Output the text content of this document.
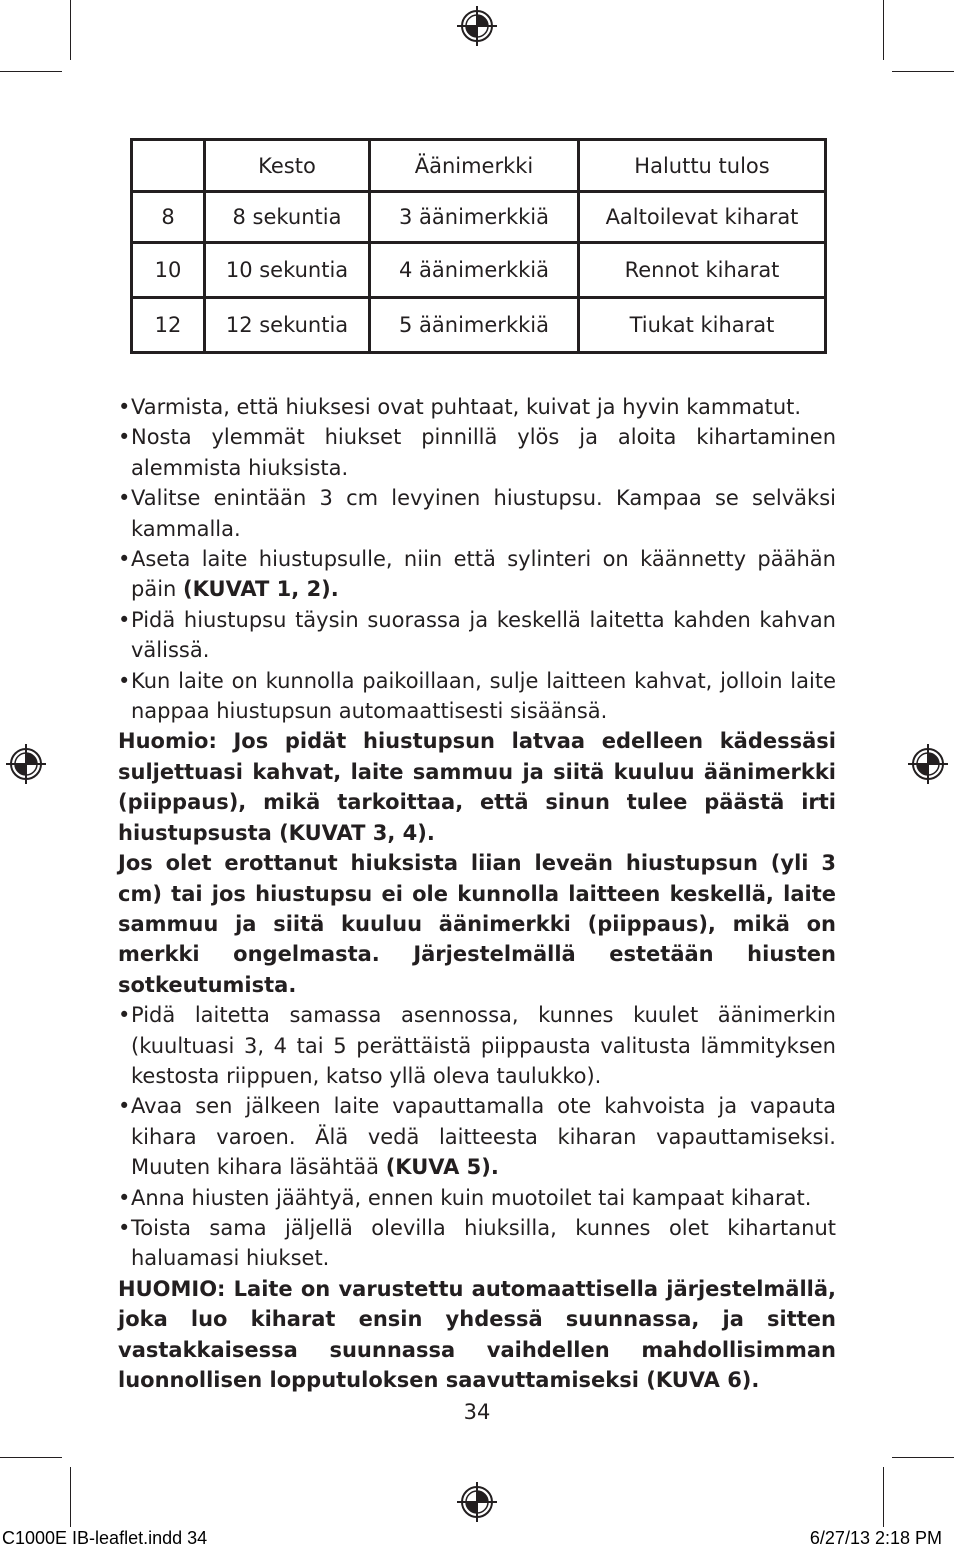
	Kesto	Äänimerkki	Haluttu tulos
8	8 sekuntia	3 äänimerkkiä	Aaltoilevat kiharat
10	10 sekuntia	4 äänimerkkiä	Rennot kiharat
12	12 sekuntia	5 äänimerkkiä	Tiukat kiharat

• Varmista, että hiuksesi ovat puhtaat, kuivat ja hyvin kammatut.

• Nosta ylemmät hiukset pinnillä ylös ja aloita kihartaminen alemmista hiuksista.

• Valitse enintään 3 cm levyinen hiustupsu. Kampaa se selväksi kammalla.

• Aseta laite hiustupsulle, niin että sylinteri on käännetty päähän päin (KUVAT 1, 2).

• Pidä hiustupsu täysin suorassa ja keskellä laitetta kahden kahvan välissä.

• Kun laite on kunnolla paikoillaan, sulje laitteen kahvat, jolloin laite nappaa hiustupsun automaattisesti sisäänsä.

Huomio: Jos pidät hiustupsun latvaa edelleen kädessäsi suljettuasi kahvat, laite sammuu ja siitä kuuluu äänimerkki (piippaus), mikä tarkoittaa, että sinun tulee päästä irti hiustupsusta (KUVAT 3, 4).

Jos olet erottanut hiuksista liian leveän hiustupsun (yli 3 cm) tai jos hiustupsu ei ole kunnolla laitteen keskellä, laite sammuu ja siitä kuuluu äänimerkki (piippaus), mikä on merkki ongelmasta. Järjestelmällä estetään hiusten sotkeutumista.

• Pidä laitetta samassa asennossa, kunnes kuulet äänimerkin (kuultuasi 3, 4 tai 5 perättäistä piippausta valitusta lämmityksen kestosta riippuen, katso yllä oleva taulukko).

• Avaa sen jälkeen laite vapauttamalla ote kahvoista ja vapauta kihara varoen. Älä vedä laitteesta kiharan vapauttamiseksi. Muuten kihara läsähtää (KUVA 5).

• Anna hiusten jäähtyä, ennen kuin muotoilet tai kampaat kiharat.

• Toista sama jäljellä olevilla hiuksilla, kunnes olet kihartanut haluamasi hiukset.

HUOMIO: Laite on varustettu automaattisella järjestelmällä, joka luo kiharat ensin yhdessä suunnassa, ja sitten vastakkaisessa suunnassa vaihdellen mahdollisimman luonnollisen lopputuloksen saavuttamiseksi (KUVA 6).

34
C1000E IB-leaflet.indd 34	6/27/13 2:18 PM
